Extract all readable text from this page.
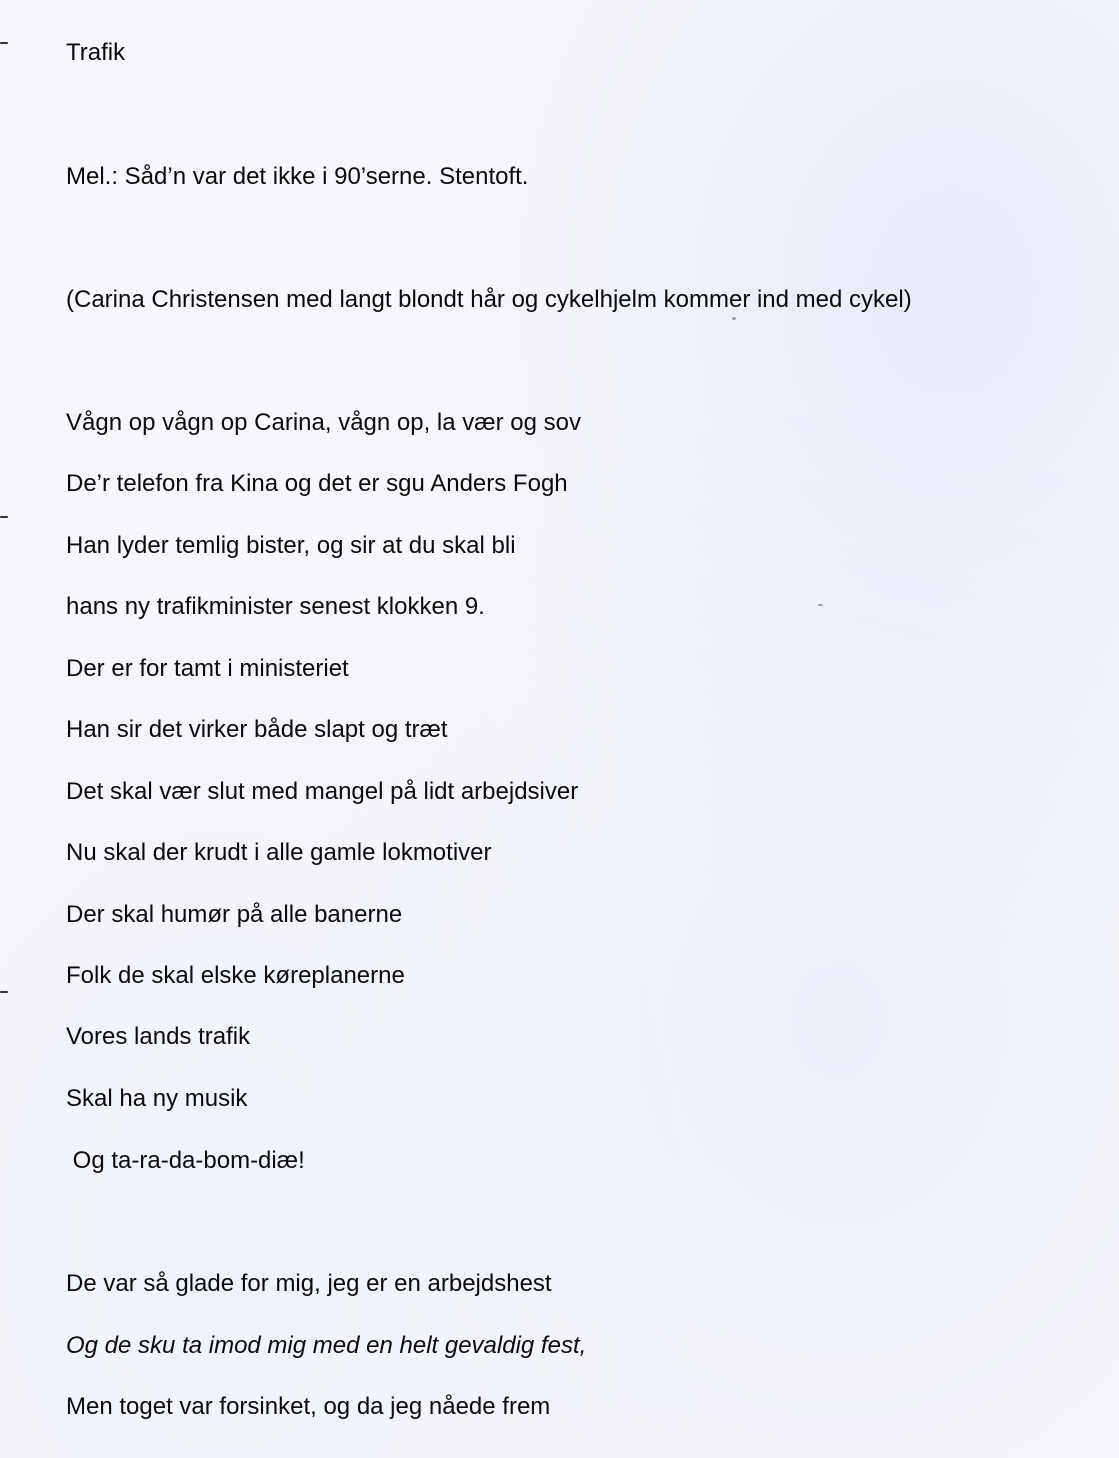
Trafik

Mel.: Såd’n var det ikke i 90’serne. Stentoft.

(Carina Christensen med langt blondt hår og cykelhjelm kommer ind med cykel)

Vågn op vågn op Carina, vågn op, la vær og sov

De’r telefon fra Kina og det er sgu Anders Fogh

Han lyder temlig bister, og sir at du skal bli

hans ny trafikminister senest klokken 9.

Der er for tamt i ministeriet

Han sir det virker både slapt og træt

Det skal vær slut med mangel på lidt arbejdsiver

Nu skal der krudt i alle gamle lokmotiver

Der skal humør på alle banerne

Folk de skal elske køreplanerne

Vores lands trafik

Skal ha ny musik

Og ta-ra-da-bom-diæ!

De var så glade for mig, jeg er en arbejdshest

Og de sku ta imod mig med en helt gevaldig fest,

Men toget var forsinket, og da jeg nåede frem
